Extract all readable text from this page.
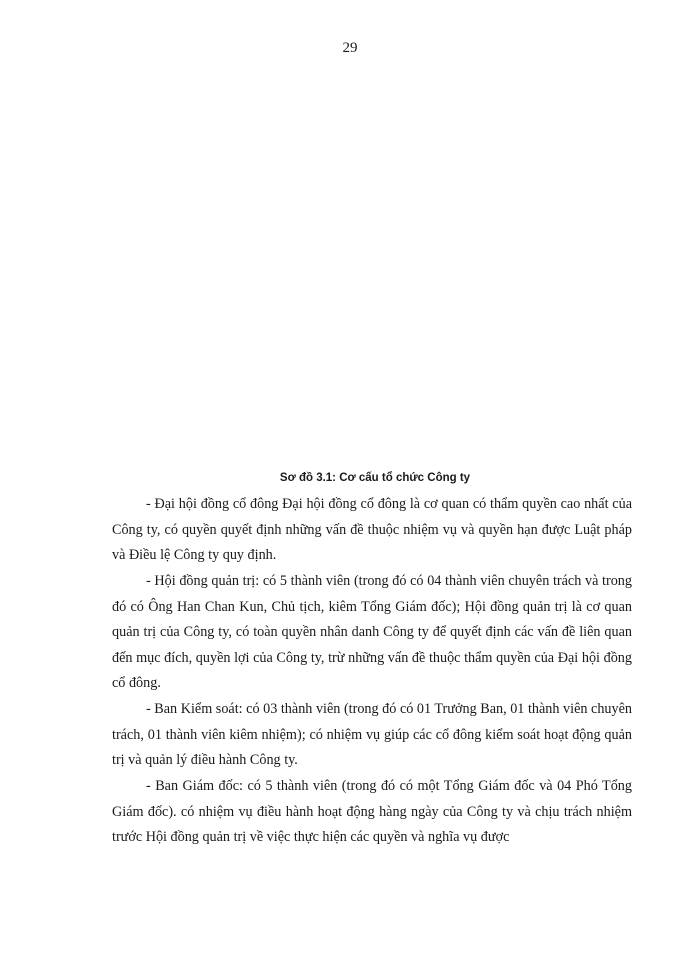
29
Sơ đồ 3.1: Cơ cấu tổ chức Công ty

- Đại hội đồng cổ đông Đại hội đồng cổ đông là cơ quan có thẩm quyền cao nhất của Công ty, có quyền quyết định những vấn đề thuộc nhiệm vụ và quyền hạn được Luật pháp và Điều lệ Công ty quy định.

- Hội đồng quản trị: có 5 thành viên (trong đó có 04 thành viên chuyên trách và trong đó có Ông Han Chan Kun, Chủ tịch, kiêm Tổng Giám đốc); Hội đồng quản trị là cơ quan quản trị của Công ty, có toàn quyền nhân danh Công ty để quyết định các vấn đề liên quan đến mục đích, quyền lợi của Công ty, trừ những vấn đề thuộc thẩm quyền của Đại hội đồng cổ đông.

- Ban Kiểm soát: có 03 thành viên (trong đó có 01 Trưởng Ban, 01 thành viên chuyên trách, 01 thành viên kiêm nhiệm); có nhiệm vụ giúp các cổ đông kiểm soát hoạt động quản trị và quản lý điều hành Công ty.

- Ban Giám đốc: có 5 thành viên (trong đó có một Tổng Giám đốc và 04 Phó Tổng Giám đốc). có nhiệm vụ điều hành hoạt động hàng ngày của Công ty và chịu trách nhiệm trước Hội đồng quản trị về việc thực hiện các quyền và nghĩa vụ được
